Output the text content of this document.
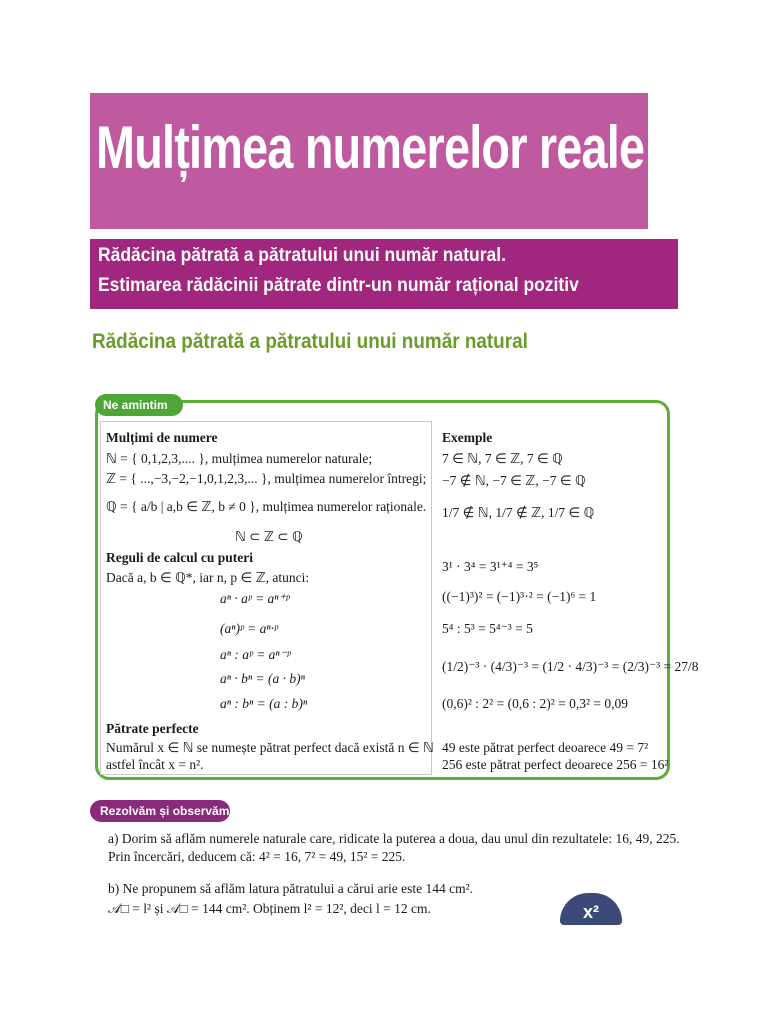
Mulțimea numerelor reale
Rădăcina pătrată a pătratului unui număr natural.
Estimarea rădăcinii pătrate dintr-un număr rațional pozitiv
Rădăcina pătrată a pătratului unui număr natural
Ne amintim
Mulțimi de numere
ℕ = { 0,1,2,3,.... }, mulțimea numerelor naturale;
ℤ = { ...,−3,−2,−1,0,1,2,3,... }, mulțimea numerelor întregi;
ℚ = { a/b | a,b ∈ ℤ, b ≠ 0 }, mulțimea numerelor raționale.
ℕ ⊂ ℤ ⊂ ℚ
Reguli de calcul cu puteri
Dacă a, b ∈ ℚ*, iar n, p ∈ ℤ, atunci:
aⁿ · aᵖ = aⁿ⁺ᵖ
(aⁿ)ᵖ = aⁿ·ᵖ
aⁿ : aᵖ = aⁿ⁻ᵖ
aⁿ · bⁿ = (a · b)ⁿ
aⁿ : bⁿ = (a : b)ⁿ
Pătrate perfecte
Numărul x ∈ ℕ se numește pătrat perfect dacă există n ∈ ℕ
astfel încât x = n².
Exemple
7 ∈ ℕ, 7 ∈ ℤ, 7 ∈ ℚ
−7 ∉ ℕ, −7 ∈ ℤ, −7 ∈ ℚ
1/7 ∉ ℕ, 1/7 ∉ ℤ, 1/7 ∈ ℚ
3¹ · 3⁴ = 3¹⁺⁴ = 3⁵
((−1)³)² = (−1)³·² = (−1)⁶ = 1
5⁴ : 5³ = 5⁴⁻³ = 5
(1/2)⁻³ · (4/3)⁻³ = (1/2 · 4/3)⁻³ = (2/3)⁻³ = 27/8
(0,6)² : 2² = (0,6 : 2)² = 0,3² = 0,09
49 este pătrat perfect deoarece 49 = 7²
256 este pătrat perfect deoarece 256 = 16²
Rezolvăm și observăm
a) Dorim să aflăm numerele naturale care, ridicate la puterea a doua, dau unul din rezultatele: 16, 49, 225.
Prin încercări, deducem că: 4² = 16, 7² = 49, 15² = 225.
b) Ne propunem să aflăm latura pătratului a cărui arie este 144 cm².
𝒜□ = l² și 𝒜□ = 144 cm². Obținem l² = 12², deci l = 12 cm.	x²
